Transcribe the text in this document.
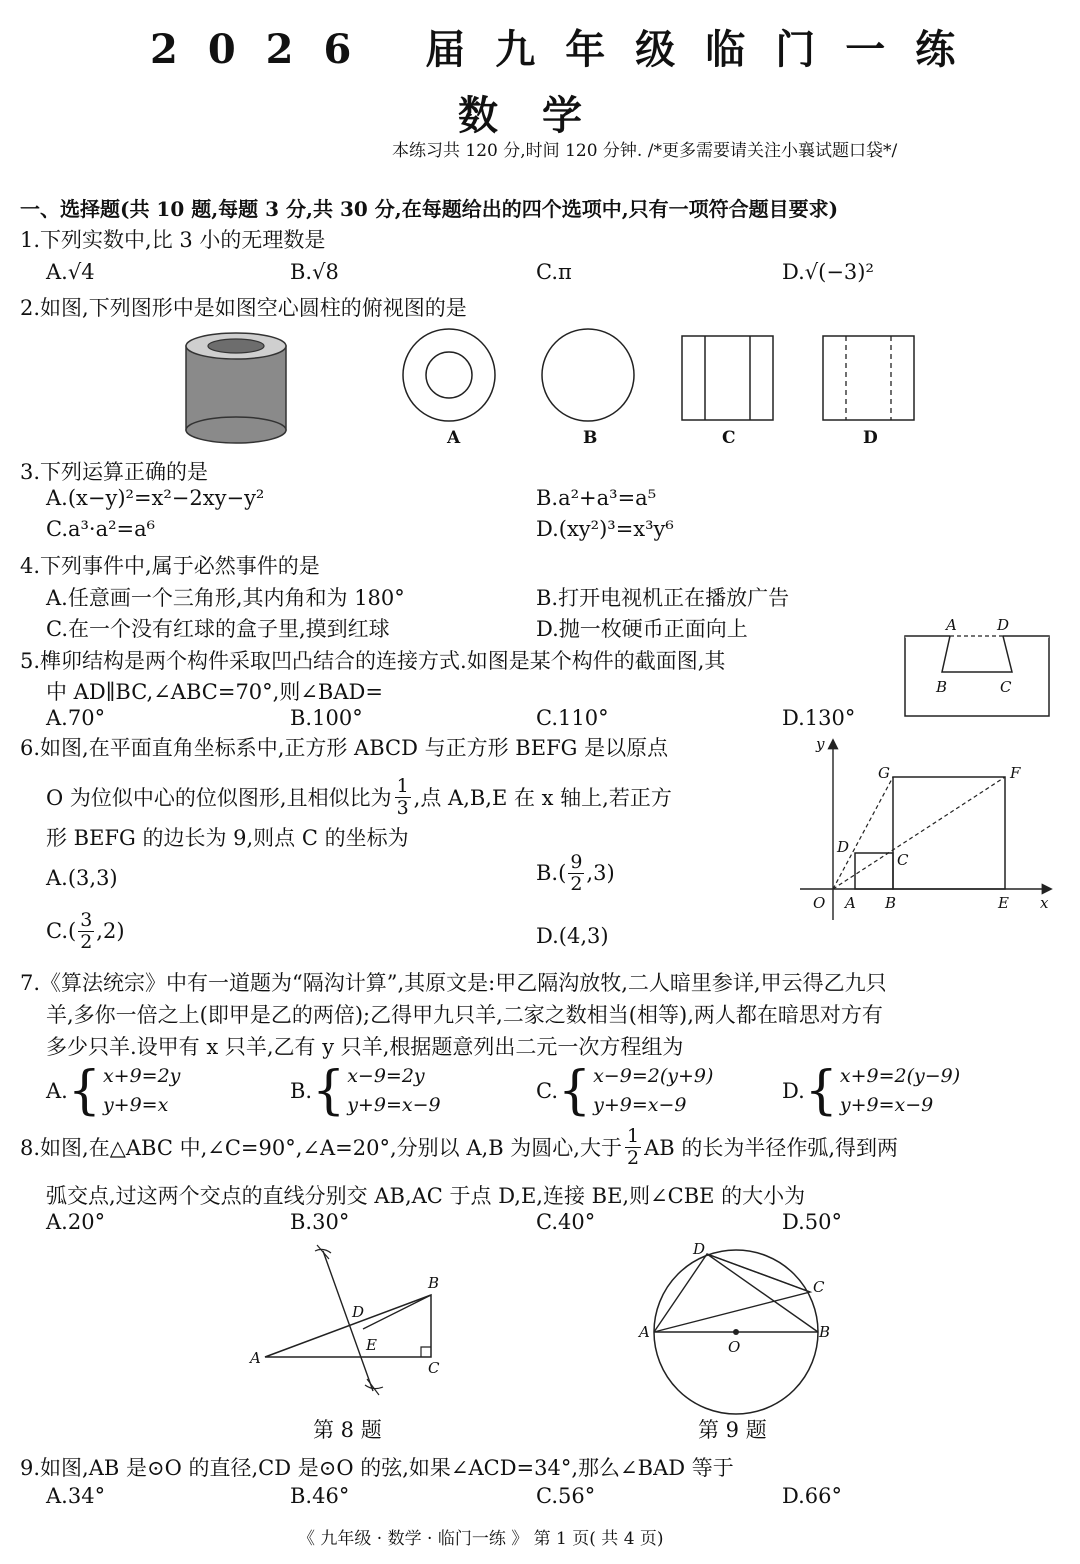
2026 届九年级临门一练
数学
本练习共 120 分,时间 120 分钟. /*更多需要请关注小襄试题口袋*/
一、选择题(共 10 题,每题 3 分,共 30 分,在每题给出的四个选项中,只有一项符合题目要求)
1.下列实数中,比 3 小的无理数是
A.√4	B.√8	C.π	D.√(−3)²
2.如图,下列图形中是如图空心圆柱的俯视图的是
A	B	C	D
3.下列运算正确的是
A.(x−y)²=x²−2xy−y²	B.a²+a³=a⁵
C.a³·a²=a⁶	D.(xy²)³=x³y⁶
4.下列事件中,属于必然事件的是
A.任意画一个三角形,其内角和为 180°	B.打开电视机正在播放广告
C.在一个没有红球的盒子里,摸到红球	D.抛一枚硬币正面向上
5.榫卯结构是两个构件采取凹凸结合的连接方式.如图是某个构件的截面图,其
中 AD∥BC,∠ABC=70°,则∠BAD=
A.70°	B.100°	C.110°	D.130°
A	D
B	C
6.如图,在平面直角坐标系中,正方形 ABCD 与正方形 BEFG 是以原点
O 为位似中心的位似图形,且相似比为 $\frac{1}{3}$ ,点 A,B,E 在 x 轴上,若正方
形 BEFG 的边长为 9,则点 C 的坐标为
A.(3,3)	$B.( \frac{9}{2} ,3)$
$C.( \frac{3}{2} ,2)$	D.(4,3)
y
G	F
D
C
O A B	E x
7.《算法统宗》中有一道题为“隔沟计算”,其原文是:甲乙隔沟放牧,二人暗里参详,甲云得乙九只
羊,多你一倍之上(即甲是乙的两倍);乙得甲九只羊,二家之数相当(相等),两人都在暗思对方有
多少只羊.设甲有 x 只羊,乙有 y 只羊,根据题意列出二元一次方程组为
A. { x+9=2y
y+9=x
B. { x−9=2y
y+9=x−9
C. { x−9=2(y+9)
y+9=x−9
D. { x+9=2(y−9)
y+9=x−9
8.如图,在△ABC 中,∠C=90°,∠A=20°,分别以 A,B 为圆心,大于 $\frac{1}{2}$ AB 的长为半径作弧,得到两
弧交点,过这两个交点的直线分别交 AB,AC 于点 D,E,连接 BE,则∠CBE 的大小为
A.20°	B.30°	C.40°	D.50°
B
D
E
A
C
第 8 题
D
C
A
O
B
第 9 题
9.如图,AB 是⊙O 的直径,CD 是⊙O 的弦,如果∠ACD=34°,那么∠BAD 等于
A.34°	B.46°	C.56°	D.66°
《 九年级 · 数学 · 临门一练 》 第 1 页( 共 4 页)
